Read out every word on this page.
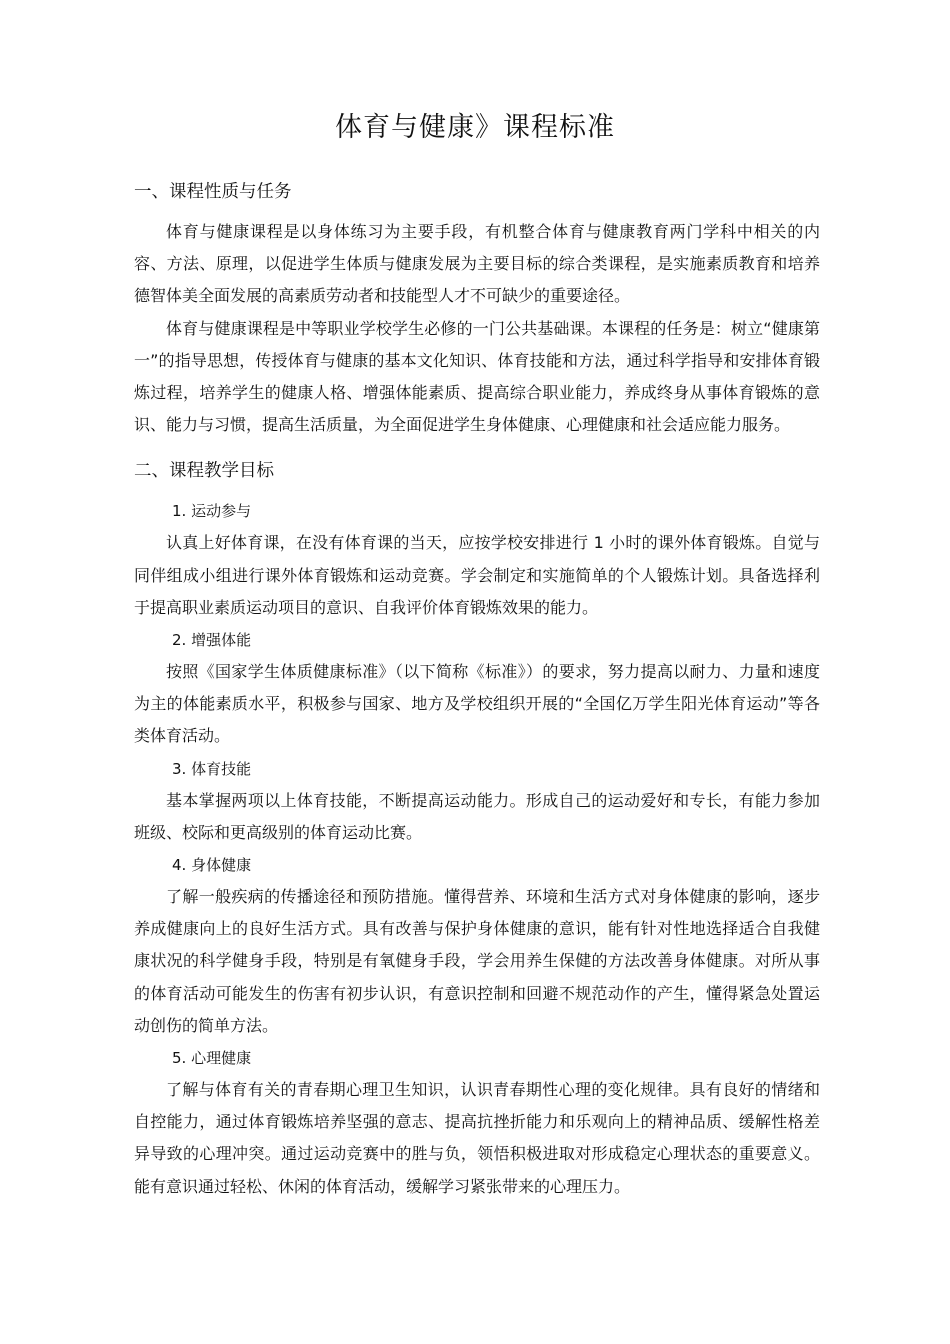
体育与健康》课程标准
一、课程性质与任务

体育与健康课程是以身体练习为主要手段，有机整合体育与健康教育两门学科中相关的内容、方法、原理，以促进学生体质与健康发展为主要目标的综合类课程，是实施素质教育和培养德智体美全面发展的高素质劳动者和技能型人才不可缺少的重要途径。

体育与健康课程是中等职业学校学生必修的一门公共基础课。本课程的任务是：树立“健康第一”的指导思想，传授体育与健康的基本文化知识、体育技能和方法，通过科学指导和安排体育锻炼过程，培养学生的健康人格、增强体能素质、提高综合职业能力，养成终身从事体育锻炼的意识、能力与习惯，提高生活质量，为全面促进学生身体健康、心理健康和社会适应能力服务。

二、课程教学目标
1. 运动参与

认真上好体育课，在没有体育课的当天，应按学校安排进行 1 小时的课外体育锻炼。自觉与同伴组成小组进行课外体育锻炼和运动竞赛。学会制定和实施简单的个人锻炼计划。具备选择利于提高职业素质运动项目的意识、自我评价体育锻炼效果的能力。

2. 增强体能

按照《国家学生体质健康标准》（以下简称《标准》）的要求，努力提高以耐力、力量和速度为主的体能素质水平，积极参与国家、地方及学校组织开展的“全国亿万学生阳光体育运动”等各类体育活动。

3. 体育技能

基本掌握两项以上体育技能，不断提高运动能力。形成自己的运动爱好和专长，有能力参加班级、校际和更高级别的体育运动比赛。

4. 身体健康

了解一般疾病的传播途径和预防措施。懂得营养、环境和生活方式对身体健康的影响，逐步养成健康向上的良好生活方式。具有改善与保护身体健康的意识，能有针对性地选择适合自我健康状况的科学健身手段，特别是有氧健身手段，学会用养生保健的方法改善身体健康。对所从事的体育活动可能发生的伤害有初步认识，有意识控制和回避不规范动作的产生，懂得紧急处置运动创伤的简单方法。

5. 心理健康

了解与体育有关的青春期心理卫生知识，认识青春期性心理的变化规律。具有良好的情绪和自控能力，通过体育锻炼培养坚强的意志、提高抗挫折能力和乐观向上的精神品质、缓解性格差异导致的心理冲突。通过运动竞赛中的胜与负，领悟积极进取对形成稳定心理状态的重要意义。能有意识通过轻松、休闲的体育活动，缓解学习紧张带来的心理压力。
